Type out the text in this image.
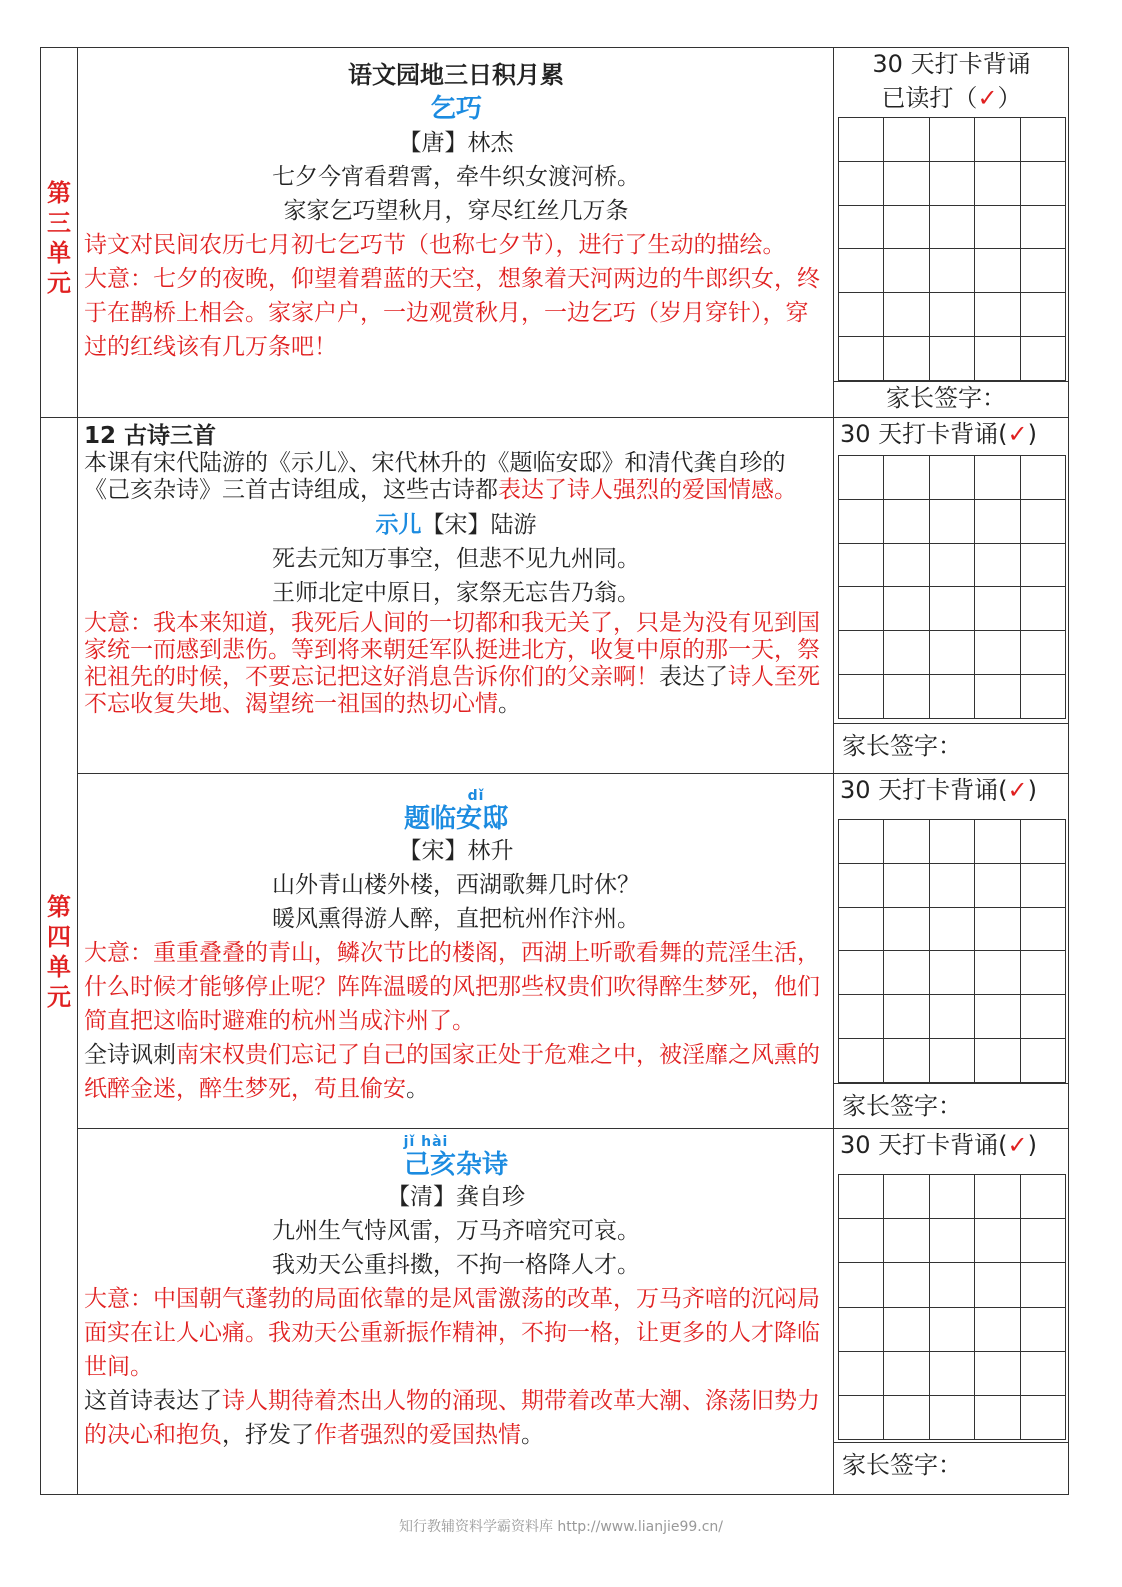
第
三
单
元
第
四
单
元
语文园地三日积月累
乞巧
【唐】林杰
七夕今宵看碧霄，牵牛织女渡河桥。
家家乞巧望秋月，穿尽红丝几万条
诗文对民间农历七月初七乞巧节（也称七夕节），进行了生动的描绘。
大意：七夕的夜晚，仰望着碧蓝的天空，想象着天河两边的牛郎织女，终于在鹊桥上相会。家家户户，一边观赏秋月，一边乞巧（岁月穿针），穿过的红线该有几万条吧！
12 古诗三首
本课有宋代陆游的《示儿》、宋代林升的《题临安邸》和清代龚自珍的《己亥杂诗》三首古诗组成，这些古诗都表达了诗人强烈的爱国情感。
示儿【宋】陆游
死去元知万事空，但悲不见九州同。
王师北定中原日，家祭无忘告乃翁。
大意：我本来知道，我死后人间的一切都和我无关了，只是为没有见到国家统一而感到悲伤。等到将来朝廷军队挺进北方，收复中原的那一天，祭祀祖先的时候，不要忘记把这好消息告诉你们的父亲啊！表达了诗人至死不忘收复失地、渴望统一祖国的热切心情。
dǐ
题临安邸
【宋】林升
山外青山楼外楼，西湖歌舞几时休？
暖风熏得游人醉，直把杭州作汴州。
大意：重重叠叠的青山，鳞次节比的楼阁，西湖上听歌看舞的荒淫生活，什么时候才能够停止呢？阵阵温暖的风把那些权贵们吹得醉生梦死，他们简直把这临时避难的杭州当成汴州了。
全诗讽刺南宋权贵们忘记了自己的国家正处于危难之中，被淫靡之风熏的纸醉金迷，醉生梦死，苟且偷安。
jǐ hài
己亥杂诗
【清】龚自珍
九州生气恃风雷，万马齐喑究可哀。
我劝天公重抖擞，不拘一格降人才。
大意：中国朝气蓬勃的局面依靠的是风雷激荡的改革，万马齐喑的沉闷局面实在让人心痛。我劝天公重新振作精神，不拘一格，让更多的人才降临世间。
这首诗表达了诗人期待着杰出人物的涌现、期带着改革大潮、涤荡旧势力的决心和抱负，抒发了作者强烈的爱国热情。
30 天打卡背诵
已读打（✓）
家长签字：
30 天打卡背诵(✓)
家长签字：
30 天打卡背诵(✓)
家长签字：
30 天打卡背诵(✓)
家长签字：
知行教辅资料学霸资料库 http://www.lianjie99.cn/
